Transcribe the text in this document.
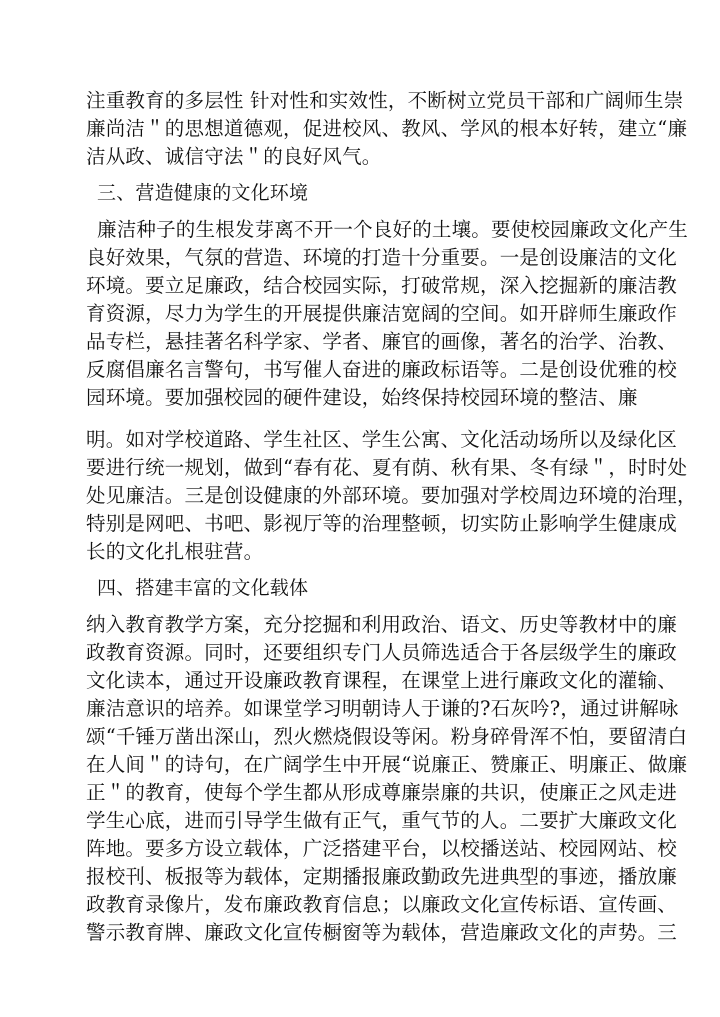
注重教育的多层性 针对性和实效性，不断树立党员干部和广阔师生崇
廉尚洁＂的思想道德观，促进校风、教风、学风的根本好转，建立“廉
洁从政、诚信守法＂的良好风气。
三、营造健康的文化环境
廉洁种子的生根发芽离不开一个良好的土壤。要使校园廉政文化产生
良好效果，气氛的营造、环境的打造十分重要。一是创设廉洁的文化
环境。要立足廉政，结合校园实际，打破常规，深入挖掘新的廉洁教
育资源，尽力为学生的开展提供廉洁宽阔的空间。如开辟师生廉政作
品专栏，悬挂著名科学家、学者、廉官的画像，著名的治学、治教、
反腐倡廉名言警句，书写催人奋进的廉政标语等。二是创设优雅的校
园环境。要加强校园的硬件建设，始终保持校园环境的整洁、廉
明。如对学校道路、学生社区、学生公寓、文化活动场所以及绿化区
要进行统一规划，做到“春有花、夏有荫、秋有果、冬有绿＂，时时处
处见廉洁。三是创设健康的外部环境。要加强对学校周边环境的治理，
特别是网吧、书吧、影视厅等的治理整顿，切实防止影响学生健康成
长的文化扎根驻营。
四、搭建丰富的文化载体
纳入教育教学方案，充分挖掘和利用政治、语文、历史等教材中的廉
政教育资源。同时，还要组织专门人员筛选适合于各层级学生的廉政
文化读本，通过开设廉政教育课程，在课堂上进行廉政文化的灌输、
廉洁意识的培养。如课堂学习明朝诗人于谦的?石灰吟?，通过讲解咏
颂“千锤万凿出深山，烈火燃烧假设等闲。粉身碎骨浑不怕，要留清白
在人间＂的诗句，在广阔学生中开展“说廉正、赞廉正、明廉正、做廉
正＂的教育，使每个学生都从形成尊廉崇廉的共识，使廉正之风走进
学生心底，进而引导学生做有正气，重气节的人。二要扩大廉政文化
阵地。要多方设立载体，广泛搭建平台，以校播送站、校园网站、校
报校刊、板报等为载体，定期播报廉政勤政先进典型的事迹，播放廉
政教育录像片，发布廉政教育信息；以廉政文化宣传标语、宣传画、
警示教育牌、廉政文化宣传橱窗等为载体，营造廉政文化的声势。三
